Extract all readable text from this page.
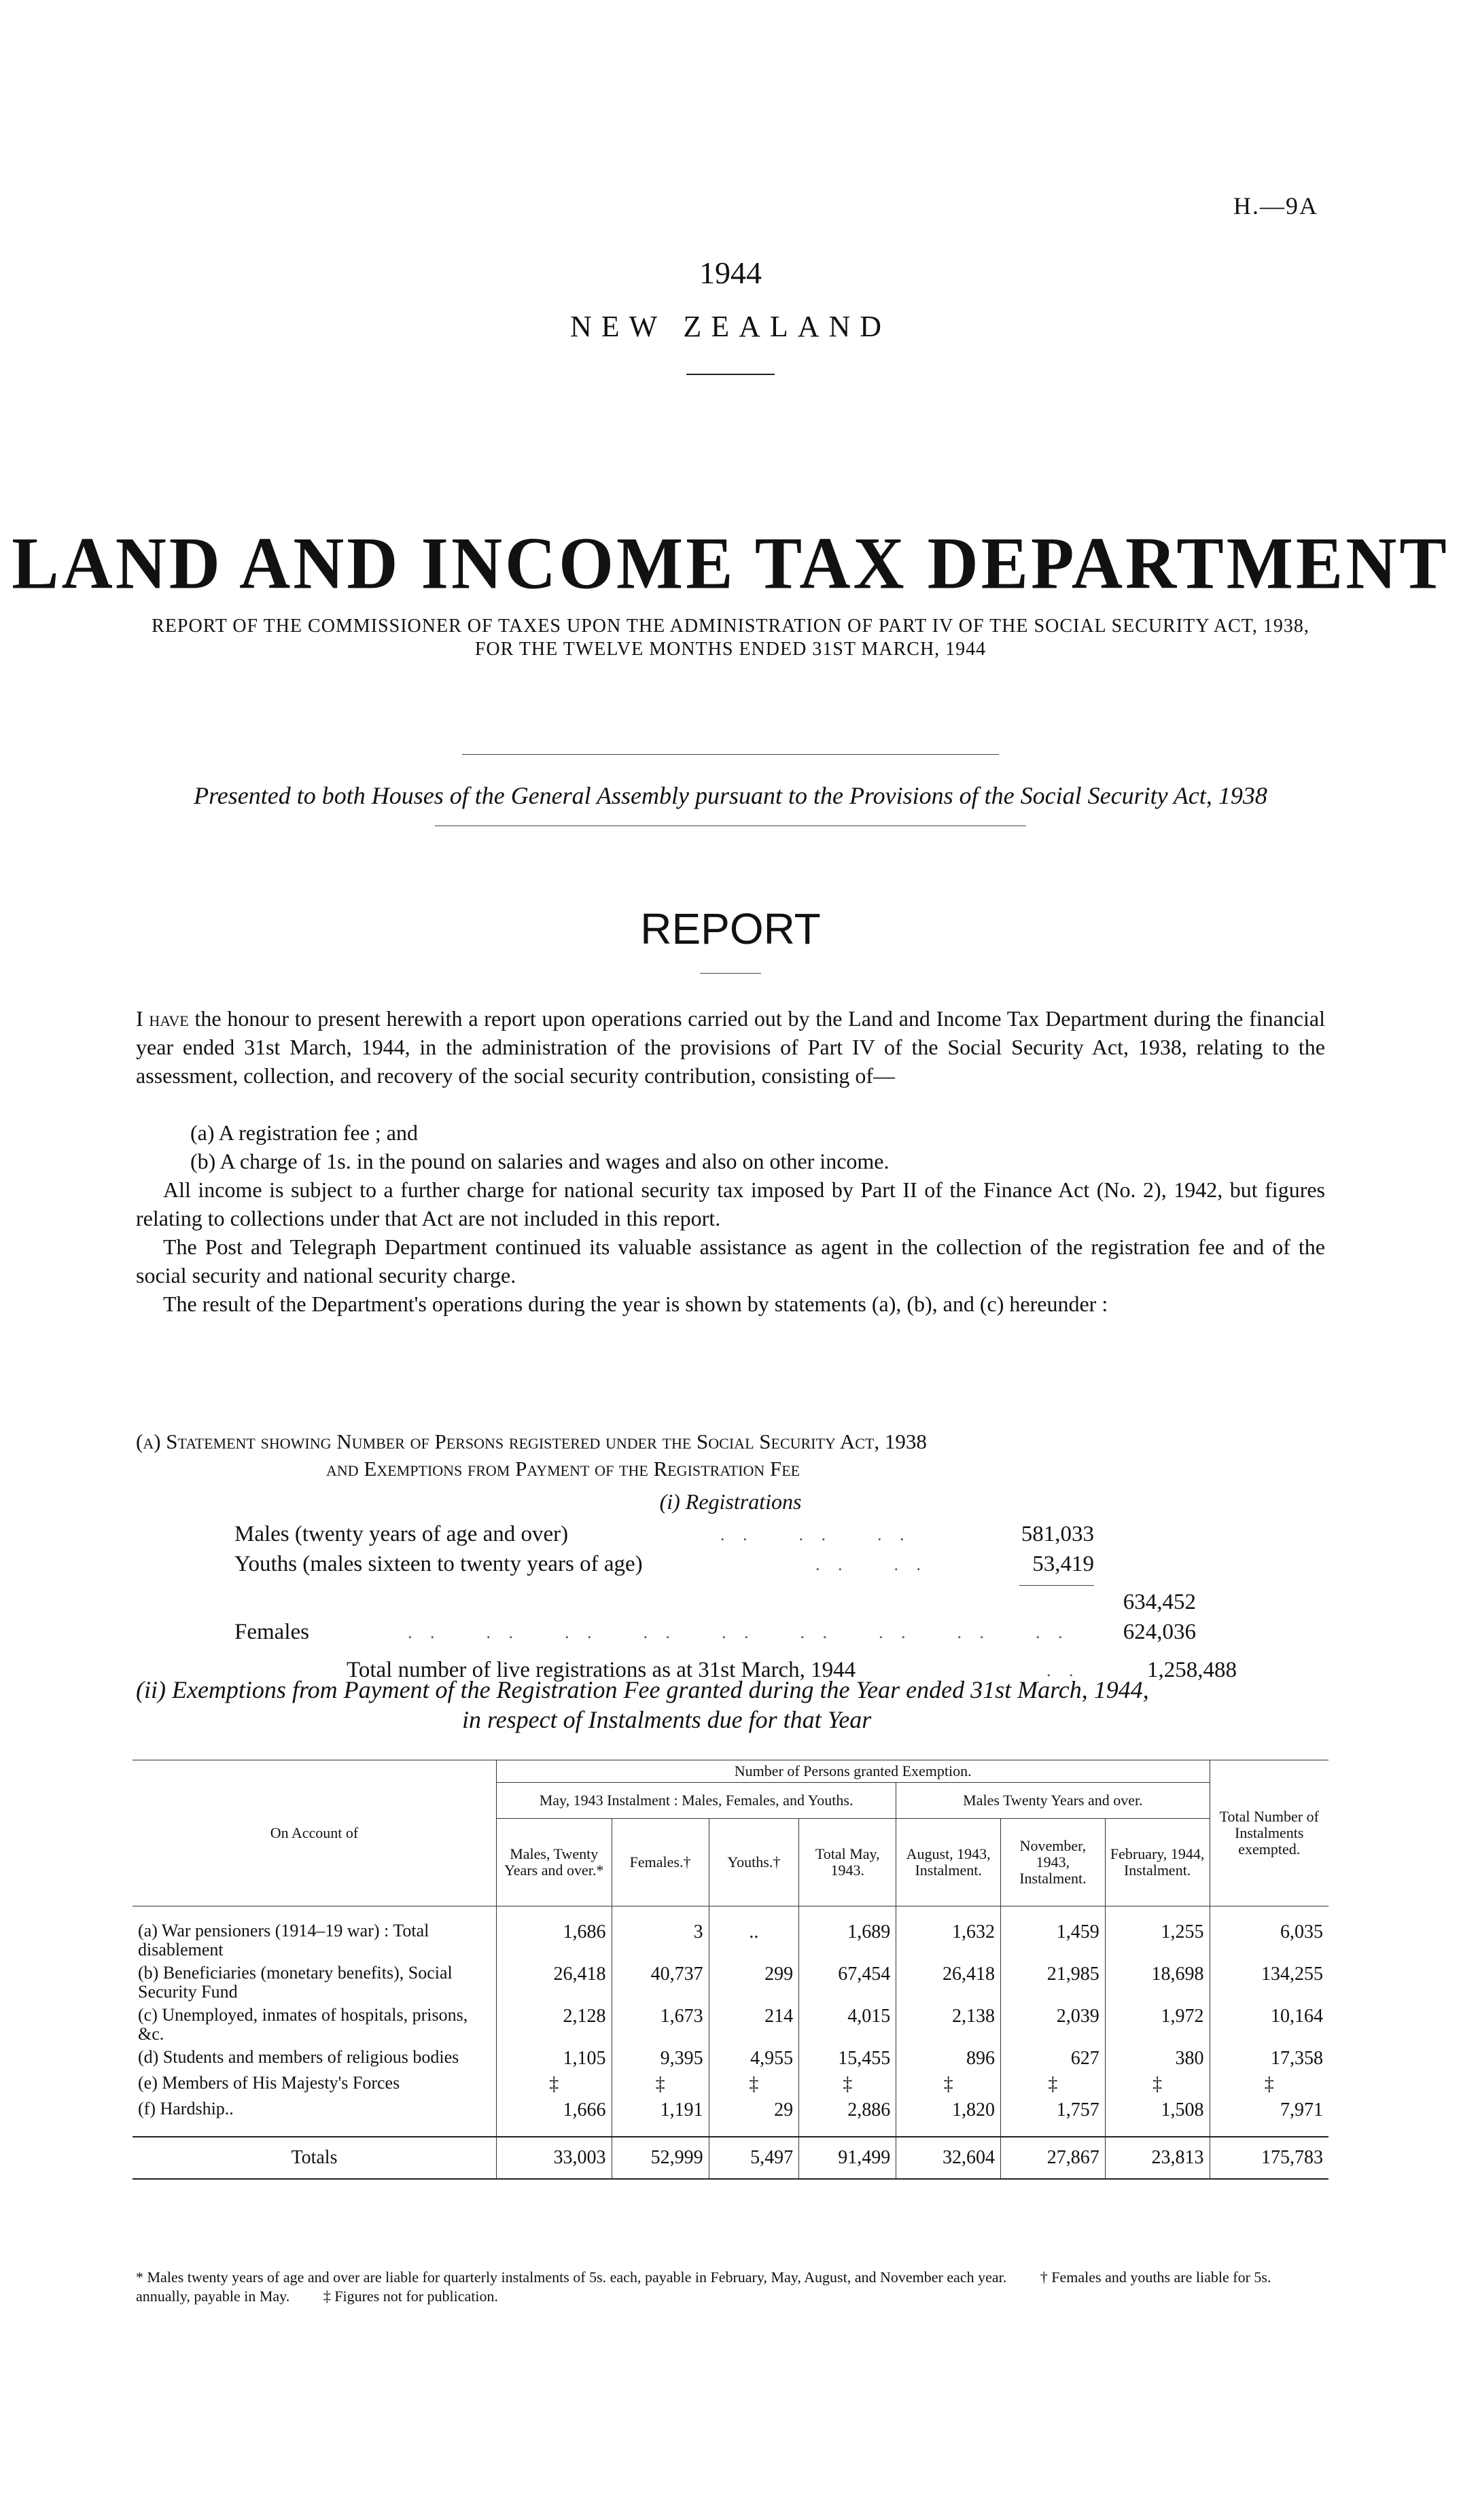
H.—9A
1944
NEW ZEALAND
LAND AND INCOME TAX DEPARTMENT
REPORT OF THE COMMISSIONER OF TAXES UPON THE ADMINISTRATION OF PART IV OF THE SOCIAL SECURITY ACT, 1938, FOR THE TWELVE MONTHS ENDED 31ST MARCH, 1944
Presented to both Houses of the General Assembly pursuant to the Provisions of the Social Security Act, 1938
REPORT
I have the honour to present herewith a report upon operations carried out by the Land and Income Tax Department during the financial year ended 31st March, 1944, in the administration of the provisions of Part IV of the Social Security Act, 1938, relating to the assessment, collection, and recovery of the social security contribution, consisting of—
(a) A registration fee ; and
(b) A charge of 1s. in the pound on salaries and wages and also on other income.
All income is subject to a further charge for national security tax imposed by Part II of the Finance Act (No. 2), 1942, but figures relating to collections under that Act are not included in this report.
The Post and Telegraph Department continued its valuable assistance as agent in the collection of the registration fee and of the social security and national security charge.
The result of the Department's operations during the year is shown by statements (a), (b), and (c) hereunder :
(a) Statement showing Number of Persons registered under the Social Security Act, 1938
and Exemptions from Payment of the Registration Fee
(i) Registrations
Males (twenty years of age and over)	. .    . .    . .	581,033
Youths (males sixteen to twenty years of age)	. .    . .	53,419
634,452
Females	. .    . .    . .    . .    . .    . .    . .    . .    . .	624,036
Total number of live registrations as at 31st March, 1944	. .	1,258,488
(ii) Exemptions from Payment of the Registration Fee granted during the Year ended 31st March, 1944,
in respect of Instalments due for that Year
On Account of	Number of Persons granted Exemption.							Total Number of Instalments exempted.
	May, 1943 Instalment : Males, Females, and Youths.				Males Twenty Years and over.			
	Males, Twenty Years and over.*	Females.†	Youths.†	Total May, 1943.	August, 1943, Instalment.	November, 1943, Instalment.	February, 1944, Instalment.	
(a) War pensioners (1914–19 war) : Total disablement	1,686	3	..	1,689	1,632	1,459	1,255	6,035
(b) Beneficiaries (monetary benefits), Social Security Fund	26,418	40,737	299	67,454	26,418	21,985	18,698	134,255
(c) Unemployed, inmates of hospitals, prisons, &c.	2,128	1,673	214	4,015	2,138	2,039	1,972	10,164
(d) Students and members of religious bodies	1,105	9,395	4,955	15,455	896	627	380	17,358
(e) Members of His Majesty's Forces	‡	‡	‡	‡	‡	‡	‡	‡
(f) Hardship..	1,666	1,191	29	2,886	1,820	1,757	1,508	7,971
Totals	33,003	52,999	5,497	91,499	32,604	27,867	23,813	175,783
* Males twenty years of age and over are liable for quarterly instalments of 5s. each, payable in February, May, August, and November each year. † Females and youths are liable for 5s. annually, payable in May. ‡ Figures not for publication.
